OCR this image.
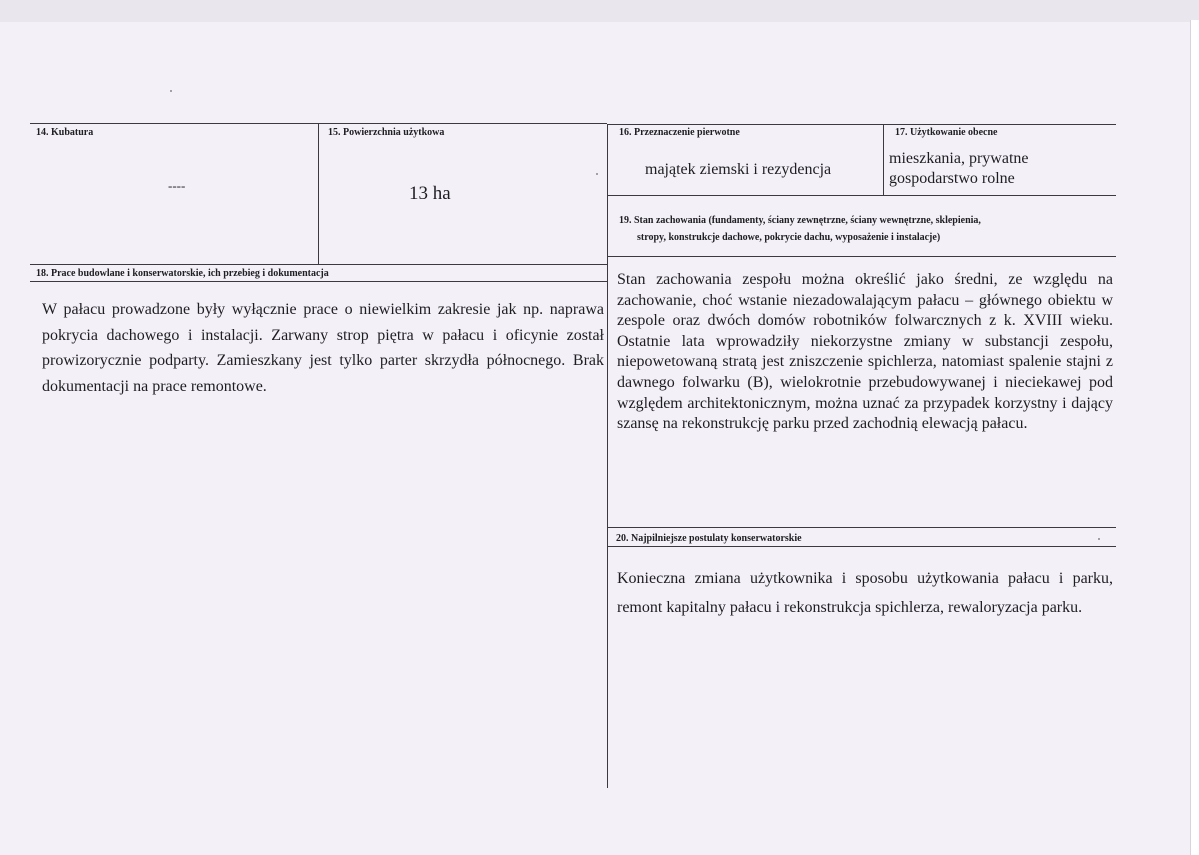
14. Kubatura
----
15. Powierzchnia użytkowa
13 ha
16. Przeznaczenie pierwotne
majątek ziemski i rezydencja
17. Użytkowanie obecne
mieszkania, prywatne
gospodarstwo rolne
19. Stan zachowania (fundamenty, ściany zewnętrzne, ściany wewnętrzne, sklepienia,
stropy, konstrukcje dachowe, pokrycie dachu, wyposażenie i instalacje)
Stan zachowania zespołu można określić jako średni, ze względu na zachowanie, choć wstanie niezadowalającym pałacu – głównego obiektu w zespole oraz dwóch domów robotników folwarcznych z k. XVIII wieku. Ostatnie lata wprowadziły niekorzystne zmiany w substancji zespołu, niepowetowaną stratą jest zniszczenie spichlerza, natomiast spalenie stajni z dawnego folwarku (B), wielokrotnie przebudowywanej i nieciekawej pod względem architektonicznym, można uznać za przypadek korzystny i dający szansę na rekonstrukcję parku przed zachodnią elewacją pałacu.
18. Prace budowlane i konserwatorskie, ich przebieg i dokumentacja
W pałacu prowadzone były wyłącznie prace o niewielkim zakresie jak np. naprawa pokrycia dachowego i instalacji. Zarwany strop piętra w pałacu i oficynie został prowizorycznie podparty. Zamieszkany jest tylko parter skrzydła północnego. Brak dokumentacji na prace remontowe.
20. Najpilniejsze postulaty konserwatorskie
Konieczna zmiana użytkownika i sposobu użytkowania pałacu i parku, remont kapitalny pałacu i rekonstrukcja spichlerza, rewaloryzacja parku.
